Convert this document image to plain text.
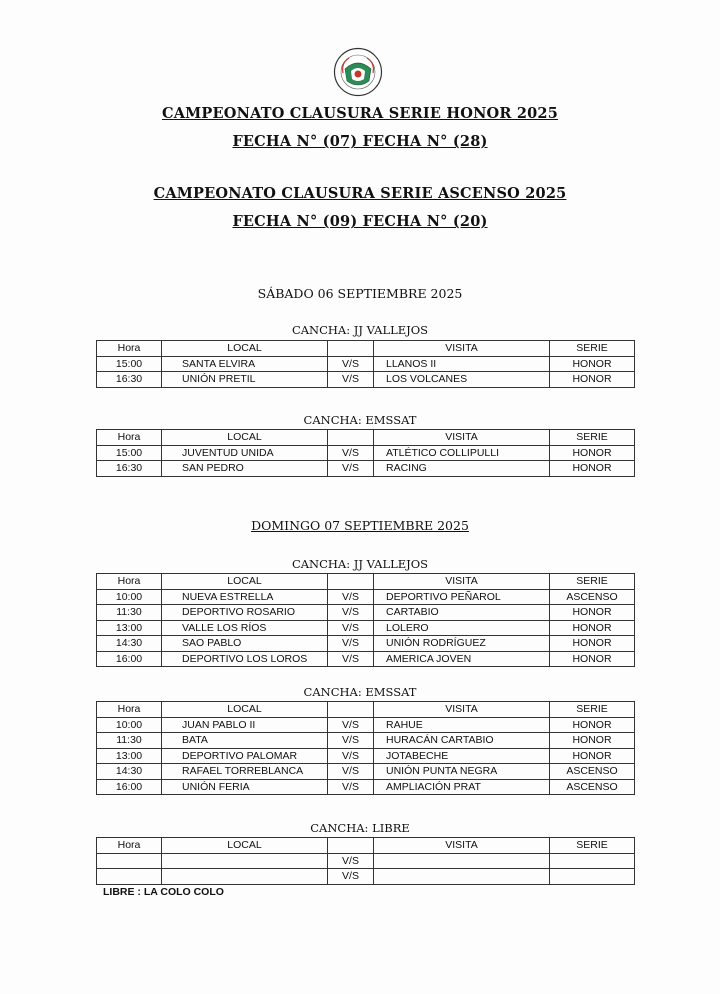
CAMPEONATO CLAUSURA SERIE HONOR 2025
FECHA N° (07) FECHA N° (28)
CAMPEONATO CLAUSURA SERIE ASCENSO 2025
FECHA N° (09) FECHA N° (20)
SÁBADO 06 SEPTIEMBRE 2025
CANCHA: JJ VALLEJOS
Hora	LOCAL		VISITA	SERIE
15:00	SANTA ELVIRA	V/S	LLANOS II	HONOR
16:30	UNIÓN PRETIL	V/S	LOS VOLCANES	HONOR
CANCHA: EMSSAT
Hora	LOCAL		VISITA	SERIE
15:00	JUVENTUD UNIDA	V/S	ATLÉTICO COLLIPULLI	HONOR
16:30	SAN PEDRO	V/S	RACING	HONOR
DOMINGO 07 SEPTIEMBRE 2025
CANCHA: JJ VALLEJOS
Hora	LOCAL		VISITA	SERIE
10:00	NUEVA ESTRELLA	V/S	DEPORTIVO PEÑAROL	ASCENSO
11:30	DEPORTIVO ROSARIO	V/S	CARTABIO	HONOR
13:00	VALLE LOS RÍOS	V/S	LOLERO	HONOR
14:30	SAO PABLO	V/S	UNIÓN RODRÍGUEZ	HONOR
16:00	DEPORTIVO LOS LOROS	V/S	AMERICA JOVEN	HONOR
CANCHA: EMSSAT
Hora	LOCAL		VISITA	SERIE
10:00	JUAN PABLO II	V/S	RAHUE	HONOR
11:30	BATA	V/S	HURACÁN CARTABIO	HONOR
13:00	DEPORTIVO PALOMAR	V/S	JOTABECHE	HONOR
14:30	RAFAEL TORREBLANCA	V/S	UNIÓN PUNTA NEGRA	ASCENSO
16:00	UNIÓN FERIA	V/S	AMPLIACIÓN PRAT	ASCENSO
CANCHA: LIBRE
Hora	LOCAL		VISITA	SERIE
		V/S		
		V/S		
LIBRE : LA COLO COLO
